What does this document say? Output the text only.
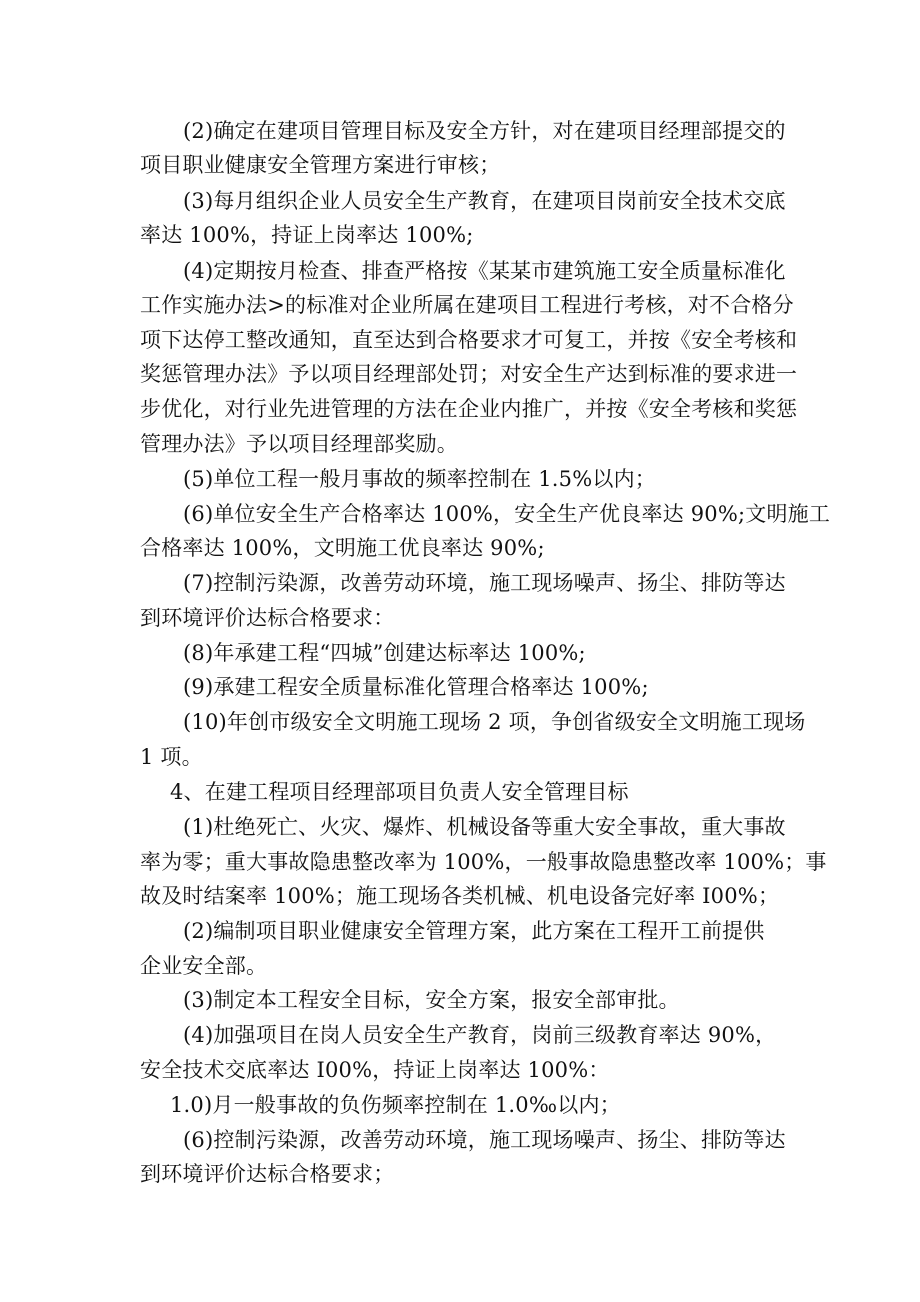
(2)确定在建项目管理目标及安全方针，对在建项目经理部提交的
项目职业健康安全管理方案进行审核；
(3)每月组织企业人员安全生产教育，在建项目岗前安全技术交底
率达 100%，持证上岗率达 100%;
(4)定期按月检查、排查严格按《某某市建筑施工安全质量标准化
工作实施办法>的标准对企业所属在建项目工程进行考核，对不合格分
项下达停工整改通知，直至达到合格要求才可复工，并按《安全考核和
奖惩管理办法》予以项目经理部处罚；对安全生产达到标准的要求进一
步优化，对行业先进管理的方法在企业内推广，并按《安全考核和奖惩
管理办法》予以项目经理部奖励。
(5)单位工程一般月事故的频率控制在 1.5%以内；
(6)单位安全生产合格率达 100%，安全生产优良率达 90%;文明施工
合格率达 100%，文明施工优良率达 90%;
(7)控制污染源，改善劳动环境，施工现场噪声、扬尘、排防等达
到环境评价达标合格要求：
(8)年承建工程“四城”创建达标率达 100%;
(9)承建工程安全质量标准化管理合格率达 100%;
(10)年创市级安全文明施工现场 2 项，争创省级安全文明施工现场
1 项。
4、在建工程项目经理部项目负责人安全管理目标
(1)杜绝死亡、火灾、爆炸、机械设备等重大安全事故，重大事故
率为零；重大事故隐患整改率为 100%，一般事故隐患整改率 100%；事
故及时结案率 100%；施工现场各类机械、机电设备完好率 I00%；
(2)编制项目职业健康安全管理方案，此方案在工程开工前提供
企业安全部。
(3)制定本工程安全目标，安全方案，报安全部审批。
(4)加强项目在岗人员安全生产教育，岗前三级教育率达 90%，
安全技术交底率达 I00%，持证上岗率达 100%：
1.0)月一般事故的负伤频率控制在 1.0‰以内；
(6)控制污染源，改善劳动环境，施工现场噪声、扬尘、排防等达
到环境评价达标合格要求；
